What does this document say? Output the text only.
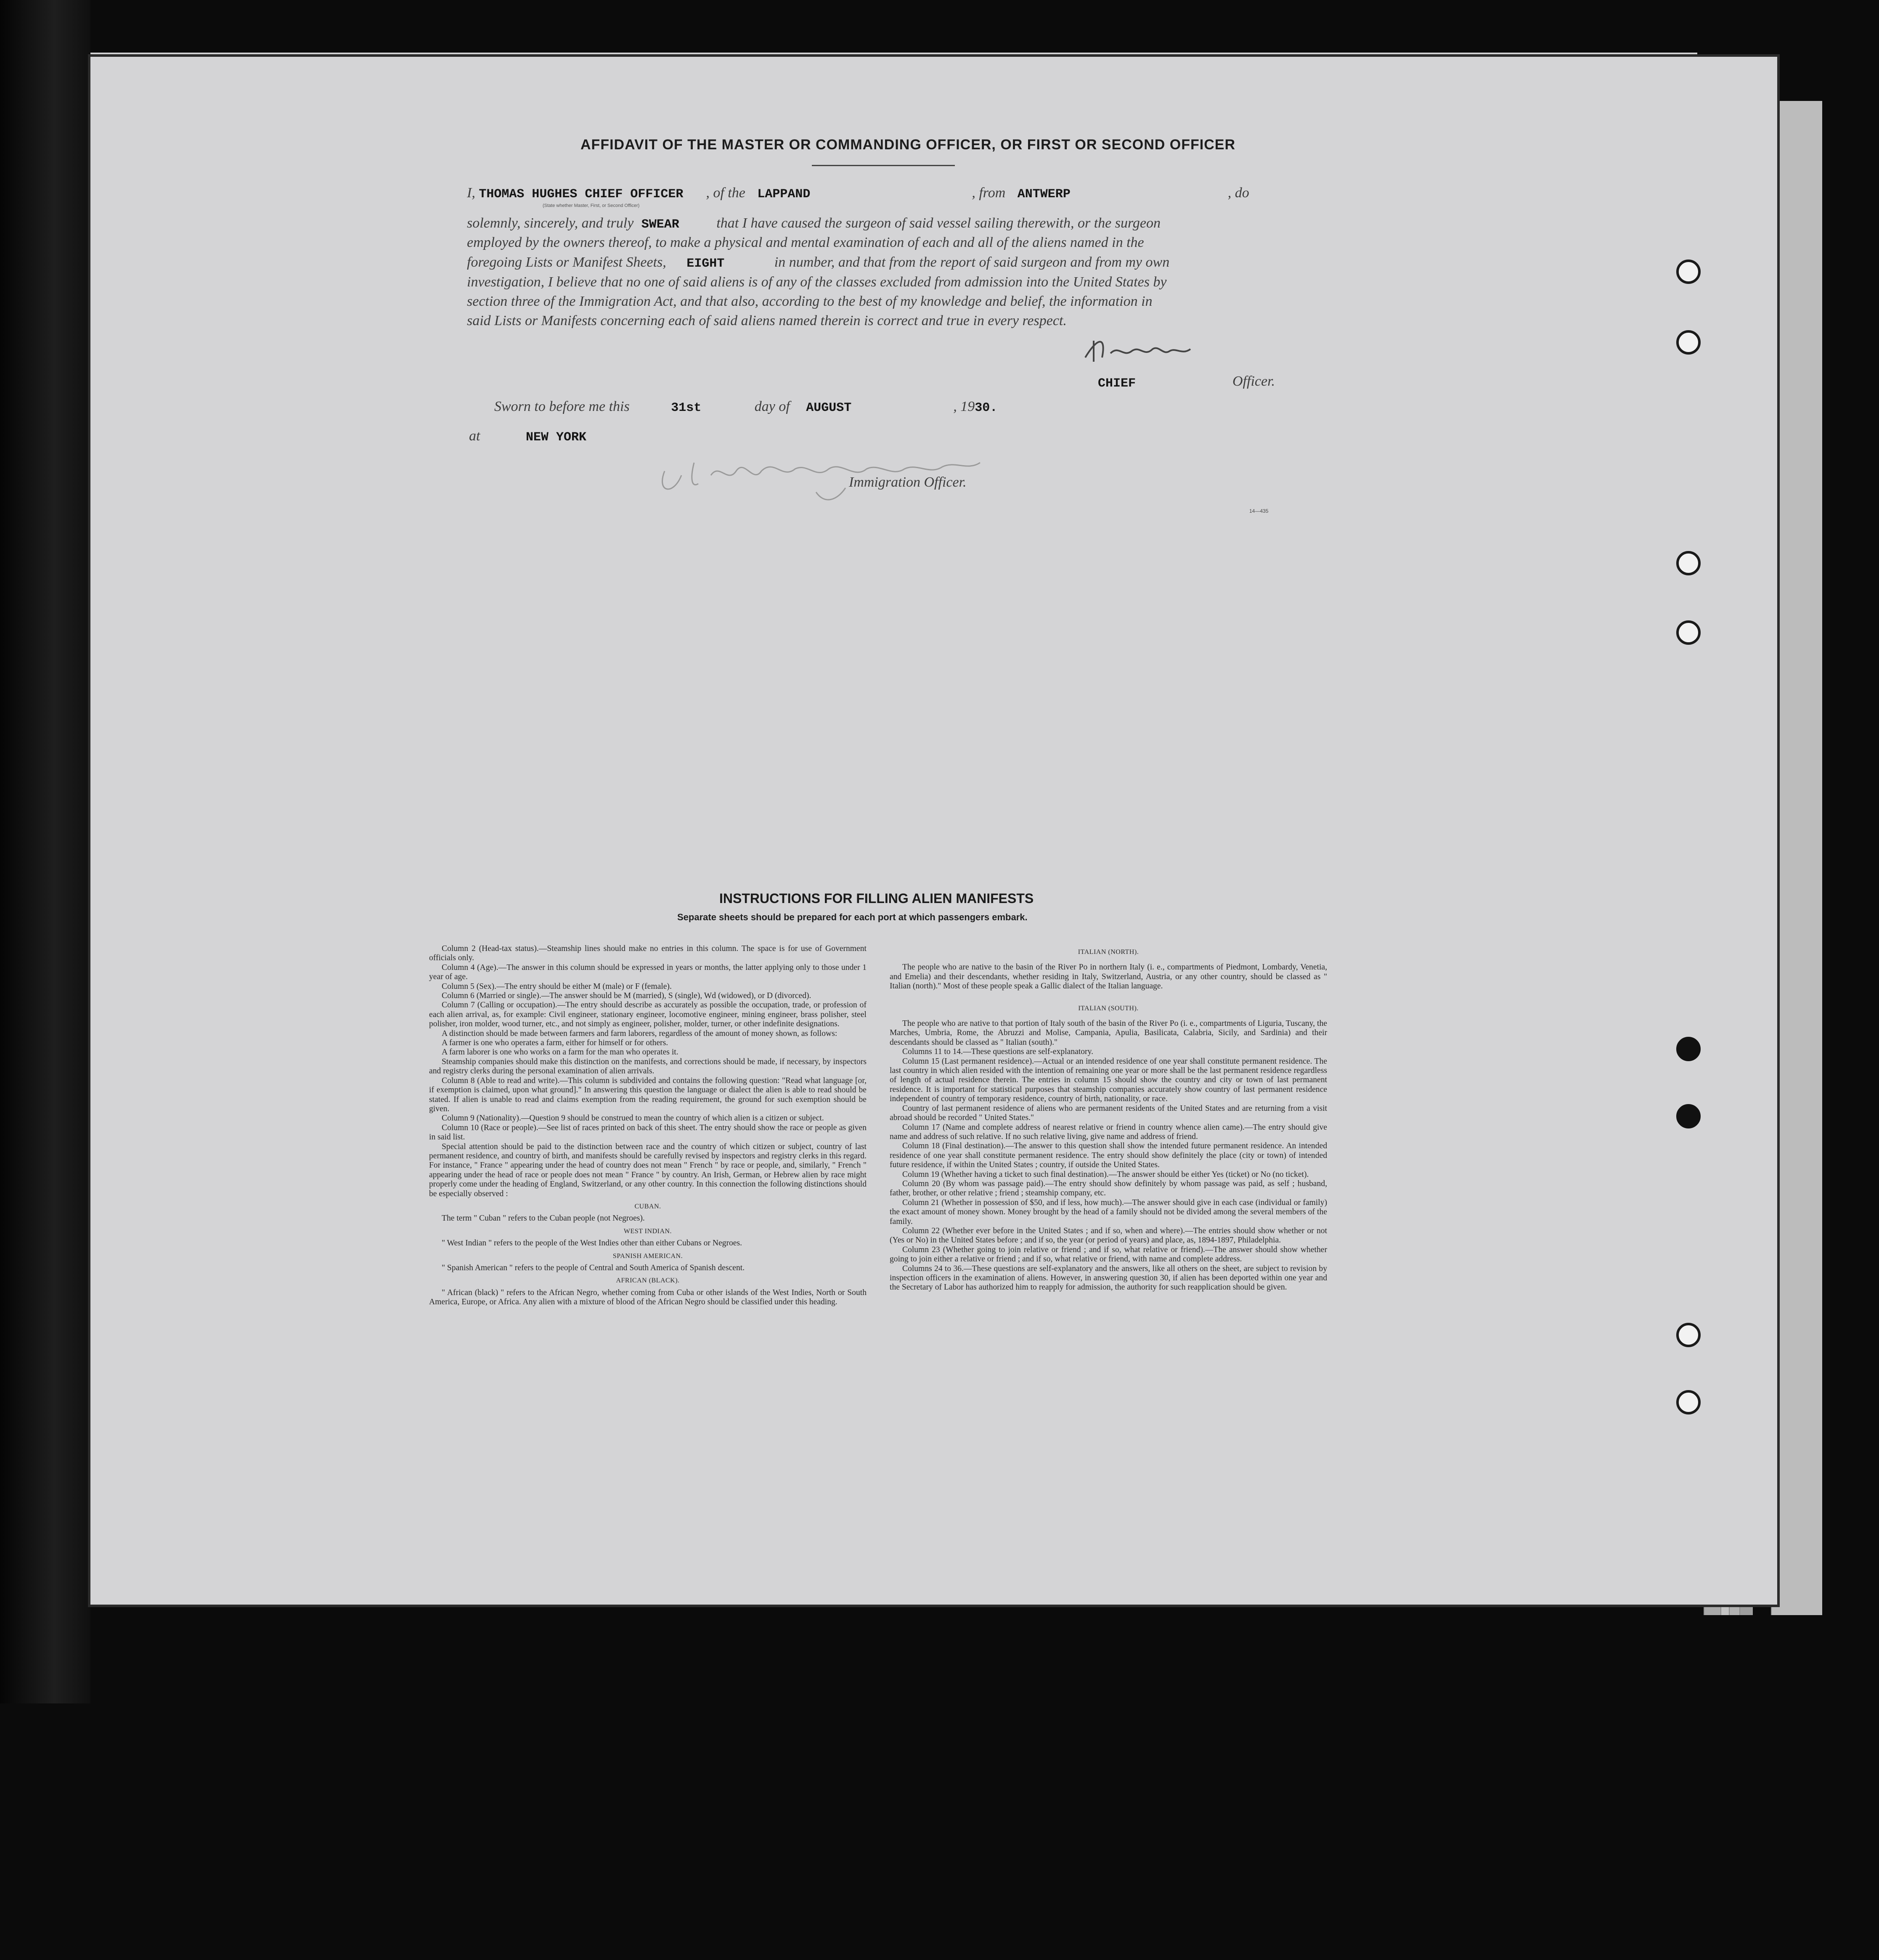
AFFIDAVIT OF THE MASTER OR COMMANDING OFFICER, OR FIRST OR SECOND OFFICER
I, THOMAS HUGHES CHIEF OFFICER , of the LAPPAND	, from ANTWERP	, do
(State whether Master, First, or Second Officer)
solemnly, sincerely, and truly SWEAR	that I have caused the surgeon of said vessel sailing therewith, or the surgeon
employed by the owners thereof, to make a physical and mental examination of each and all of the aliens named in the
foregoing Lists or Manifest Sheets, EIGHT	in number, and that from the report of said surgeon and from my own
investigation, I believe that no one of said aliens is of any of the classes excluded from admission into the United States by
section three of the Immigration Act, and that also, according to the best of my knowledge and belief, the information in
said Lists or Manifests concerning each of said aliens named therein is correct and true in every respect.
CHIEF	Officer.
Sworn to before me this	31st	day of AUGUST	, 1930.
at	NEW YORK
Immigration Officer.
14—435
INSTRUCTIONS FOR FILLING ALIEN MANIFESTS
Separate sheets should be prepared for each port at which passengers embark.

Column 2 (Head-tax status).—Steamship lines should make no entries in this column. The space is for use of Government officials only.

Column 4 (Age).—The answer in this column should be expressed in years or months, the latter applying only to those under 1 year of age.

Column 5 (Sex).—The entry should be either M (male) or F (female).

Column 6 (Married or single).—The answer should be M (married), S (single), Wd (widowed), or D (divorced).

Column 7 (Calling or occupation).—The entry should describe as accurately as possible the occupation, trade, or profession of each alien arrival, as, for example: Civil engineer, stationary engineer, locomotive engineer, mining engineer, brass polisher, steel polisher, iron molder, wood turner, etc., and not simply as engineer, polisher, molder, turner, or other indefinite designations.

A distinction should be made between farmers and farm laborers, regardless of the amount of money shown, as follows:

A farmer is one who operates a farm, either for himself or for others.

A farm laborer is one who works on a farm for the man who operates it.

Steamship companies should make this distinction on the manifests, and corrections should be made, if necessary, by inspectors and registry clerks during the personal examination of alien arrivals.

Column 8 (Able to read and write).—This column is subdivided and contains the following question: "Read what language [or, if exemption is claimed, upon what ground]." In answering this question the language or dialect the alien is able to read should be stated. If alien is unable to read and claims exemption from the reading requirement, the ground for such exemption should be given.

Column 9 (Nationality).—Question 9 should be construed to mean the country of which alien is a citizen or subject.

Column 10 (Race or people).—See list of races printed on back of this sheet. The entry should show the race or people as given in said list.

Special attention should be paid to the distinction between race and the country of which citizen or subject, country of last permanent residence, and country of birth, and manifests should be carefully revised by inspectors and registry clerks in this regard. For instance, " France " appearing under the head of country does not mean " French " by race or people, and, similarly, " French " appearing under the head of race or people does not mean " France " by country. An Irish, German, or Hebrew alien by race might properly come under the heading of England, Switzerland, or any other country. In this connection the following distinctions should be especially observed :

CUBAN.

The term " Cuban " refers to the Cuban people (not Negroes).

WEST INDIAN.

" West Indian " refers to the people of the West Indies other than either Cubans or Negroes.

SPANISH AMERICAN.

" Spanish American " refers to the people of Central and South America of Spanish descent.

AFRICAN (BLACK).

" African (black) " refers to the African Negro, whether coming from Cuba or other islands of the West Indies, North or South America, Europe, or Africa. Any alien with a mixture of blood of the African Negro should be classified under this heading.

ITALIAN (NORTH).

The people who are native to the basin of the River Po in northern Italy (i. e., compartments of Piedmont, Lombardy, Venetia, and Emelia) and their descendants, whether residing in Italy, Switzerland, Austria, or any other country, should be classed as " Italian (north)." Most of these people speak a Gallic dialect of the Italian language.

ITALIAN (SOUTH).

The people who are native to that portion of Italy south of the basin of the River Po (i. e., compartments of Liguria, Tuscany, the Marches, Umbria, Rome, the Abruzzi and Molise, Campania, Apulia, Basilicata, Calabria, Sicily, and Sardinia) and their descendants should be classed as " Italian (south)."

Columns 11 to 14.—These questions are self-explanatory.

Column 15 (Last permanent residence).—Actual or an intended residence of one year shall constitute permanent residence. The last country in which alien resided with the intention of remaining one year or more shall be the last permanent residence regardless of length of actual residence therein. The entries in column 15 should show the country and city or town of last permanent residence. It is important for statistical purposes that steamship companies accurately show country of last permanent residence independent of country of temporary residence, country of birth, nationality, or race.

Country of last permanent residence of aliens who are permanent residents of the United States and are returning from a visit abroad should be recorded " United States."

Column 17 (Name and complete address of nearest relative or friend in country whence alien came).—The entry should give name and address of such relative. If no such relative living, give name and address of friend.

Column 18 (Final destination).—The answer to this question shall show the intended future permanent residence. An intended residence of one year shall constitute permanent residence. The entry should show definitely the place (city or town) of intended future residence, if within the United States ; country, if outside the United States.

Column 19 (Whether having a ticket to such final destination).—The answer should be either Yes (ticket) or No (no ticket).

Column 20 (By whom was passage paid).—The entry should show definitely by whom passage was paid, as self ; husband, father, brother, or other relative ; friend ; steamship company, etc.

Column 21 (Whether in possession of $50, and if less, how much).—The answer should give in each case (individual or family) the exact amount of money shown. Money brought by the head of a family should not be divided among the several members of the family.

Column 22 (Whether ever before in the United States ; and if so, when and where).—The entries should show whether or not (Yes or No) in the United States before ; and if so, the year (or period of years) and place, as, 1894-1897, Philadelphia.

Column 23 (Whether going to join relative or friend ; and if so, what relative or friend).—The answer should show whether going to join either a relative or friend ; and if so, what relative or friend, with name and complete address.

Columns 24 to 36.—These questions are self-explanatory and the answers, like all others on the sheet, are subject to revision by inspection officers in the examination of aliens. However, in answering question 30, if alien has been deported within one year and the Secretary of Labor has authorized him to reapply for admission, the authority for such reapplication should be given.
